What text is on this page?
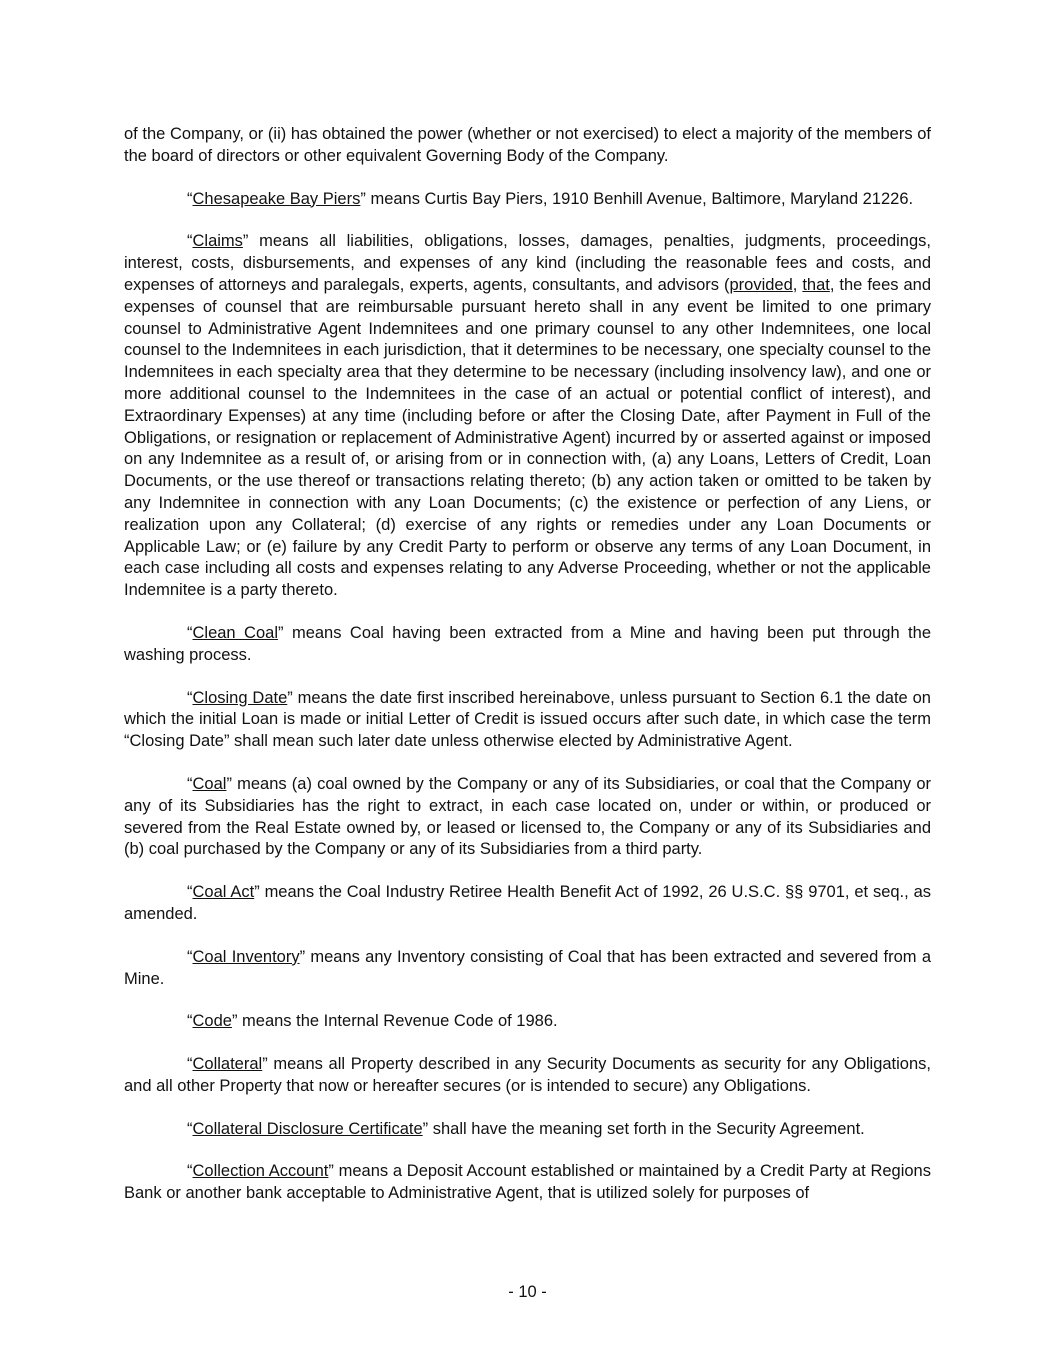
of the Company, or (ii) has obtained the power (whether or not exercised) to elect a majority of the members of the board of directors or other equivalent Governing Body of the Company.

“Chesapeake Bay Piers” means Curtis Bay Piers, 1910 Benhill Avenue, Baltimore, Maryland 21226.

“Claims” means all liabilities, obligations, losses, damages, penalties, judgments, proceedings, interest, costs, disbursements, and expenses of any kind (including the reasonable fees and costs, and expenses of attorneys and paralegals, experts, agents, consultants, and advisors (provided, that, the fees and expenses of counsel that are reimbursable pursuant hereto shall in any event be limited to one primary counsel to Administrative Agent Indemnitees and one primary counsel to any other Indemnitees, one local counsel to the Indemnitees in each jurisdiction, that it determines to be necessary, one specialty counsel to the Indemnitees in each specialty area that they determine to be necessary (including insolvency law), and one or more additional counsel to the Indemnitees in the case of an actual or potential conflict of interest), and Extraordinary Expenses) at any time (including before or after the Closing Date, after Payment in Full of the Obligations, or resignation or replacement of Administrative Agent) incurred by or asserted against or imposed on any Indemnitee as a result of, or arising from or in connection with, (a) any Loans, Letters of Credit, Loan Documents, or the use thereof or transactions relating thereto; (b) any action taken or omitted to be taken by any Indemnitee in connection with any Loan Documents; (c) the existence or perfection of any Liens, or realization upon any Collateral; (d) exercise of any rights or remedies under any Loan Documents or Applicable Law; or (e) failure by any Credit Party to perform or observe any terms of any Loan Document, in each case including all costs and expenses relating to any Adverse Proceeding, whether or not the applicable Indemnitee is a party thereto.

“Clean Coal” means Coal having been extracted from a Mine and having been put through the washing process.

“Closing Date” means the date first inscribed hereinabove, unless pursuant to Section 6.1 the date on which the initial Loan is made or initial Letter of Credit is issued occurs after such date, in which case the term “Closing Date” shall mean such later date unless otherwise elected by Administrative Agent.

“Coal” means (a) coal owned by the Company or any of its Subsidiaries, or coal that the Company or any of its Subsidiaries has the right to extract, in each case located on, under or within, or produced or severed from the Real Estate owned by, or leased or licensed to, the Company or any of its Subsidiaries and (b) coal purchased by the Company or any of its Subsidiaries from a third party.

“Coal Act” means the Coal Industry Retiree Health Benefit Act of 1992, 26 U.S.C. §§ 9701, et seq., as amended.

“Coal Inventory” means any Inventory consisting of Coal that has been extracted and severed from a Mine.

“Code” means the Internal Revenue Code of 1986.

“Collateral” means all Property described in any Security Documents as security for any Obligations, and all other Property that now or hereafter secures (or is intended to secure) any Obligations.

“Collateral Disclosure Certificate” shall have the meaning set forth in the Security Agreement.

“Collection Account” means a Deposit Account established or maintained by a Credit Party at Regions Bank or another bank acceptable to Administrative Agent, that is utilized solely for purposes of

- 10 -
